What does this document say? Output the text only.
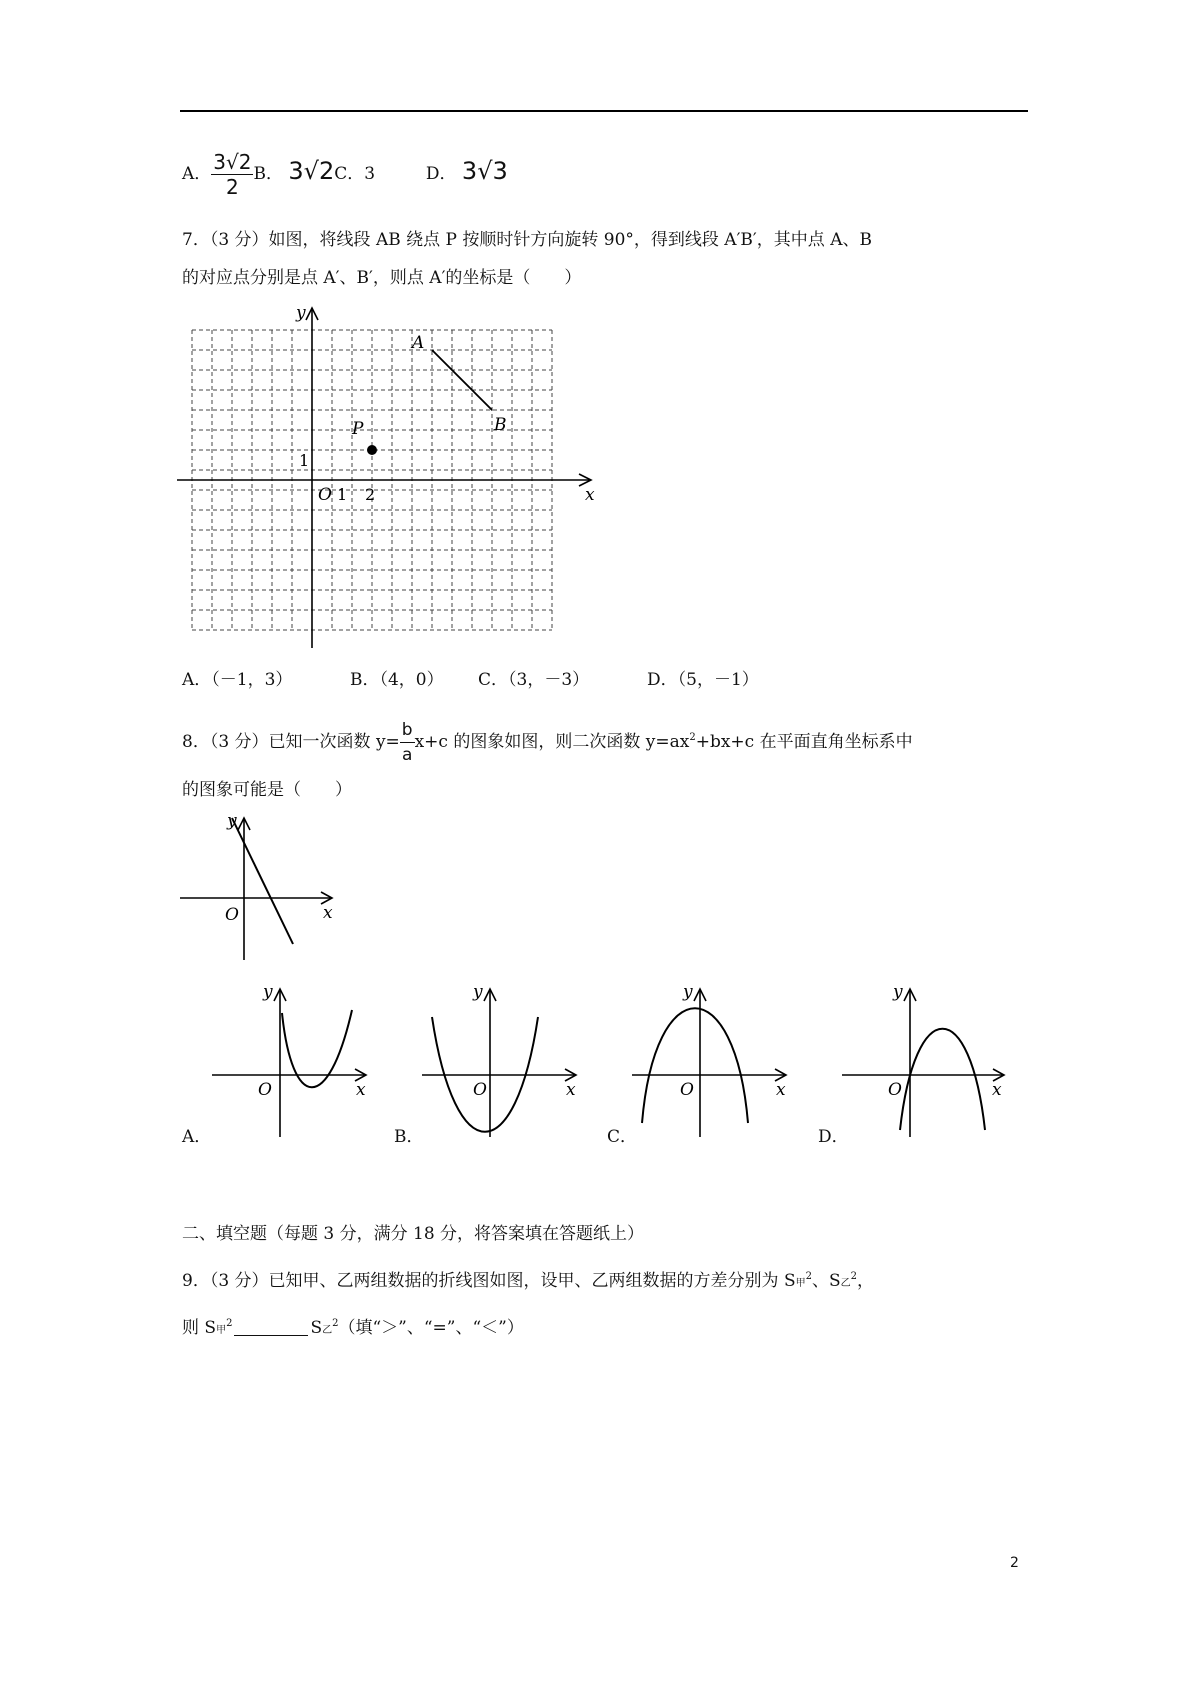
A． $\frac{3√2}{2}$ B． 3√2C．3	D． 3√3
7．（3 分）如图，将线段 AB 绕点 P 按顺时针方向旋转 90°，得到线段 A′B′，其中点 A、B
的对应点分别是点 A′、B′，则点 A′的坐标是（　　）
y
x
O 1 2
1
A
B
P
A．（－1，3）	B．（4，0） C．（3，－3）	D．（5，－1）
8．（3 分）已知一次函数 $y= \frac{b}{a} x+c$ 的图象如图，则二次函数 $y=ax^2+bx+c$ 在平面直角坐标系中
的图象可能是（　　）
y
x
O
y
x
O
y
x
O
y
x
O
y
x
O
A．	B．	C．	D．
二、填空题（每题 3 分，满分 18 分，将答案填在答题纸上）
9．（3 分）已知甲、乙两组数据的折线图如图，设甲、乙两组数据的方差分别为 S甲$^2$、S乙$^2$，
则 S甲$^2$	S乙$^2$（填“＞”、“=”、“＜”）
2
